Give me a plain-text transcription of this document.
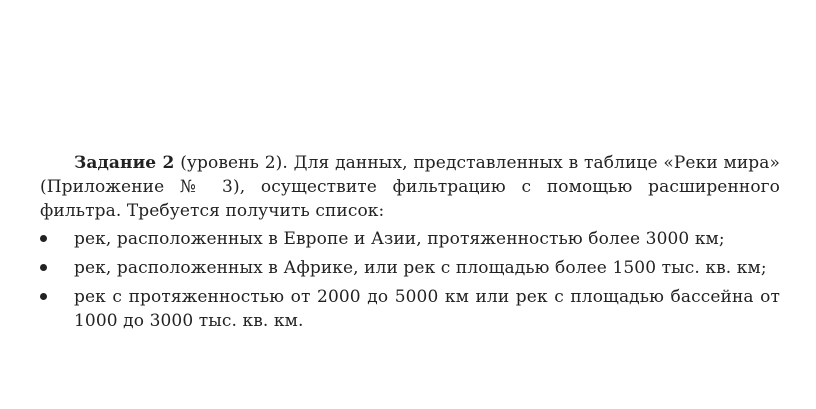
Задание 2 (уровень 2). Для данных, представленных в таблице «Реки мира» (Приложение № 3), осуществите фильтрацию с помощью расширенного фильтра. Требуется получить список:

рек, расположенных в Европе и Азии, протяженностью более 3000 км;
рек, расположенных в Африке, или рек с площадью более 1500 тыс. кв. км;
рек с протяженностью от 2000 до 5000 км или рек с площадью бассейна от 1000 до 3000 тыс. кв. км.
